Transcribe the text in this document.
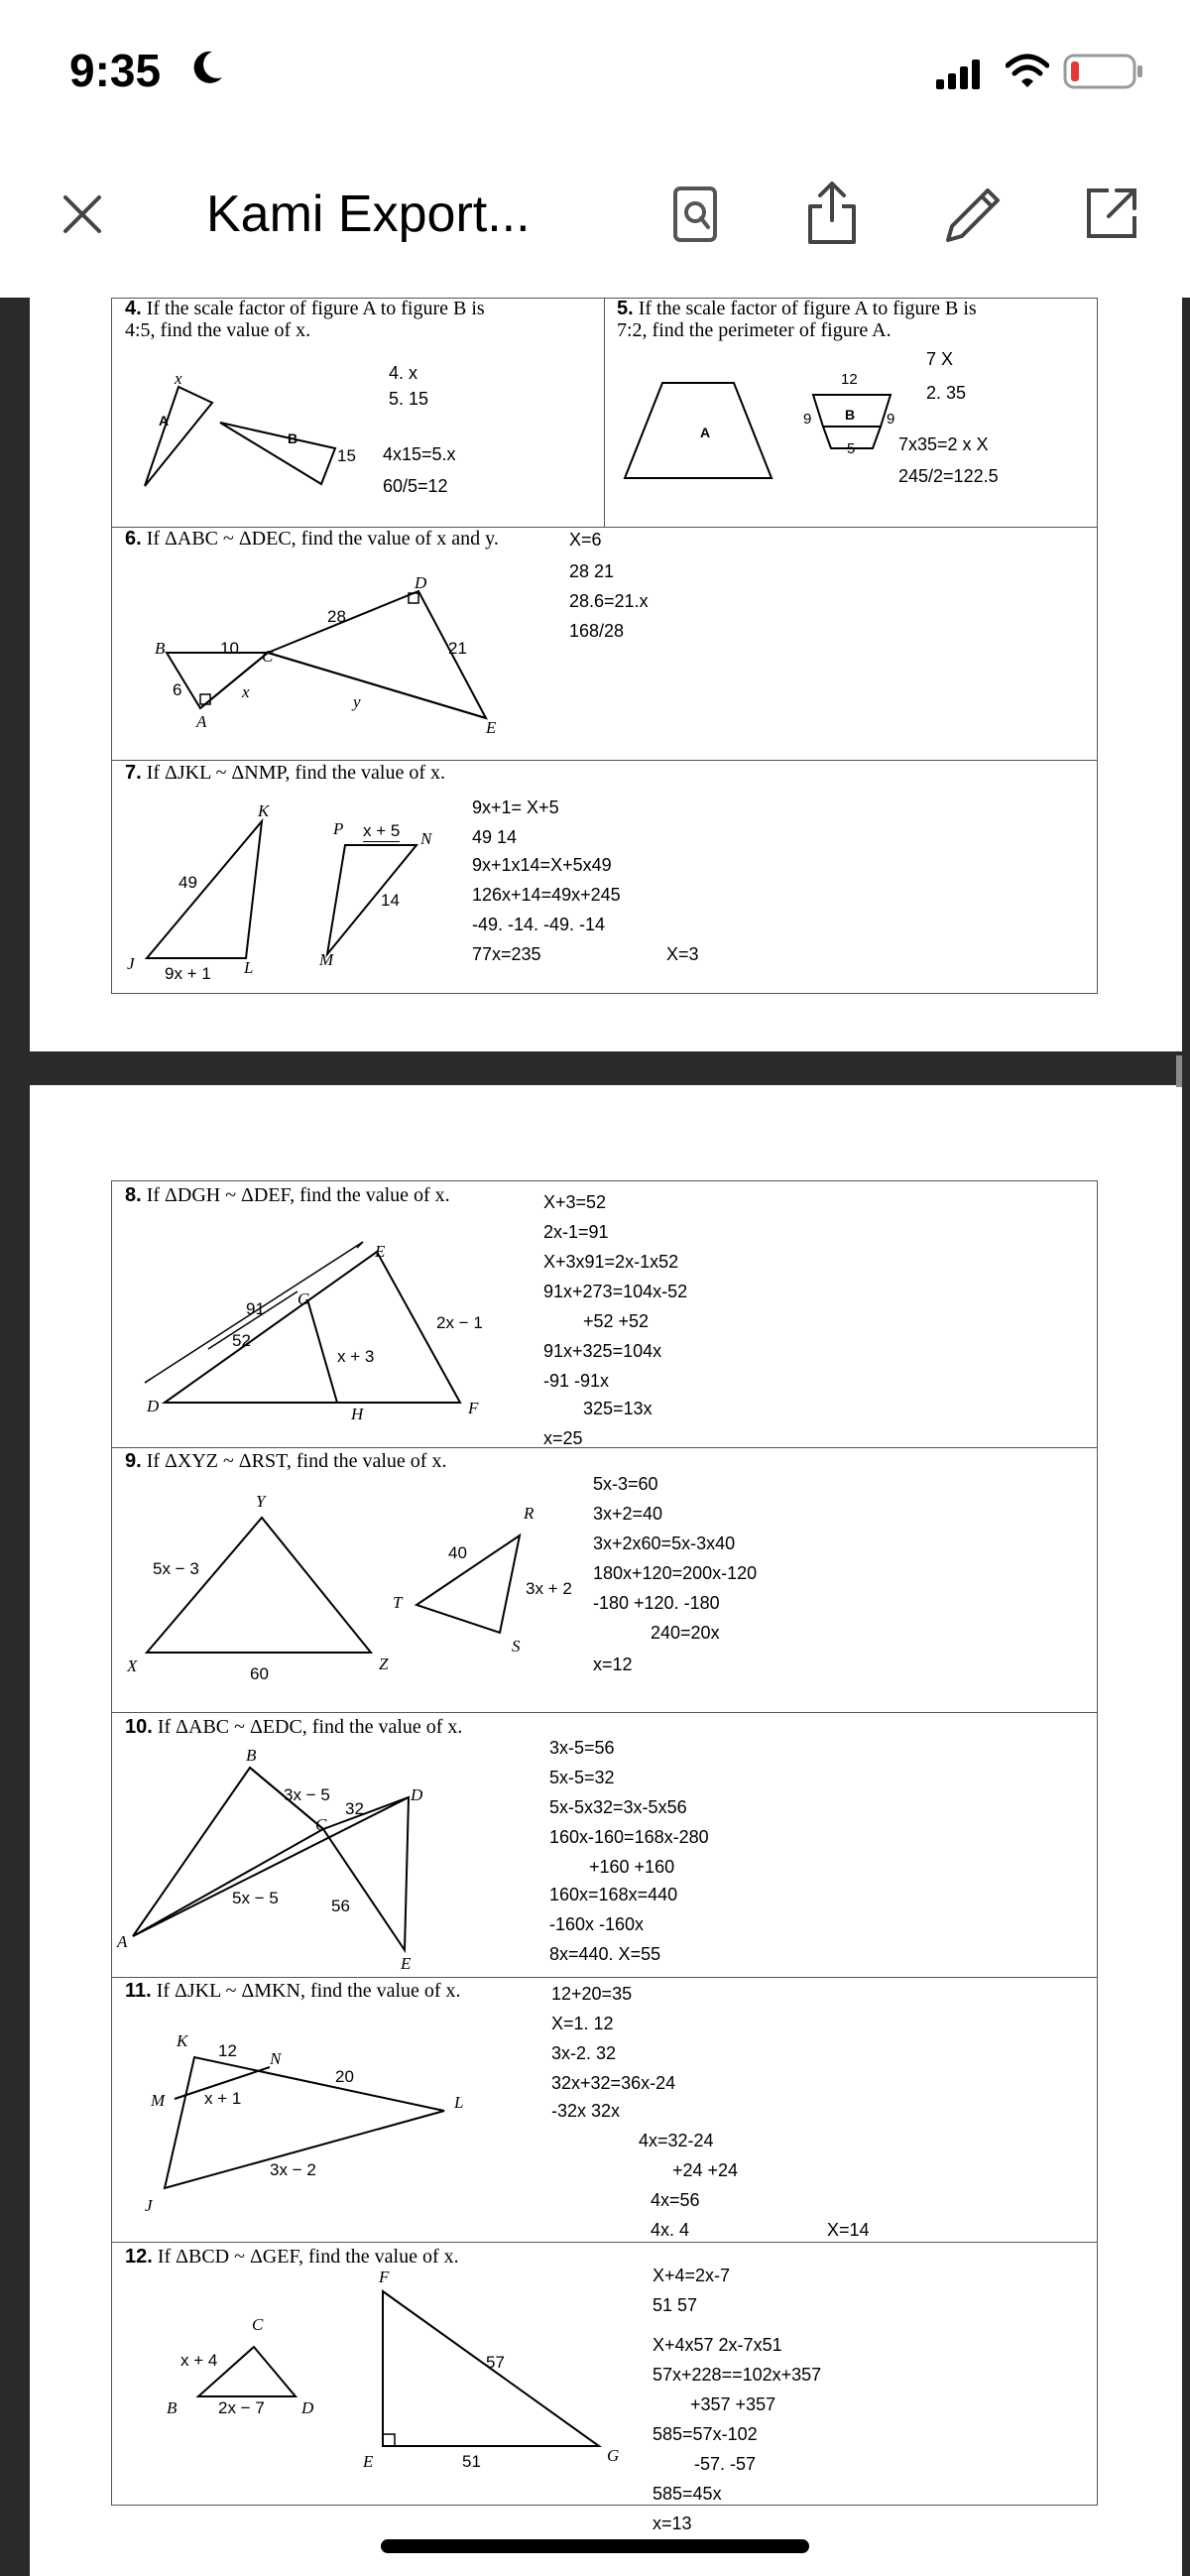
9:35
Kami Export...
4. If the scale factor of figure A to figure B is
4:5, find the value of x.
x
A
B
15
4. x
5. 15
4x15=5.x
60/5=12
5. If the scale factor of figure A to figure B is
7:2, find the perimeter of figure A.
A
B
12
9	9
5
7 X
2. 35
7x35=2 x X
245/2=122.5
6. If ΔABC ~ ΔDEC, find the value of x and y.
B	C
D
A	E
10
6
28
21
x
y
X=6
28 21
28.6=21.x
168/28
7. If ΔJKL ~ ΔNMP, find the value of x.
K
J	L
P
N
M
49
14
x + 5
9x + 1
9x+1= X+5
49 14
9x+1x14=X+5x49
126x+14=49x+245
-49. -14. -49. -14
77x=235	X=3
8. If ΔDGH ~ ΔDEF, find the value of x.
D
G
E
H	F
91
52
x + 3
2x − 1
X+3=52
2x-1=91
X+3x91=2x-1x52
91x+273=104x-52
+52 +52
91x+325=104x
-91 -91x
325=13x
x=25
9. If ΔXYZ ~ ΔRST, find the value of x.
Y
X	Z
R
T
S
5x − 3
60
40
3x + 2
5x-3=60
3x+2=40
3x+2x60=5x-3x40
180x+120=200x-120
-180 +120. -180
240=20x
x=12
10. If ΔABC ~ ΔEDC, find the value of x.
B
C
D
A
E
3x − 5
32
5x − 5	56
3x-5=56
5x-5=32
5x-5x32=3x-5x56
160x-160=168x-280
+160 +160
160x=168x=440
-160x -160x
8x=440. X=55
11. If ΔJKL ~ ΔMKN, find the value of x.
K
N
M	L
J
12
20
x + 1
3x − 2
12+20=35
X=1. 12
3x-2. 32
32x+32=36x-24
-32x 32x
4x=32-24
+24 +24
4x=56
4x. 4	X=14
12. If ΔBCD ~ ΔGEF, find the value of x.
C
B	D
F
E	G
x + 4
2x − 7
57
51
X+4=2x-7
51 57
X+4x57 2x-7x51
57x+228==102x+357
+357 +357
585=57x-102
-57. -57
585=45x
x=13
